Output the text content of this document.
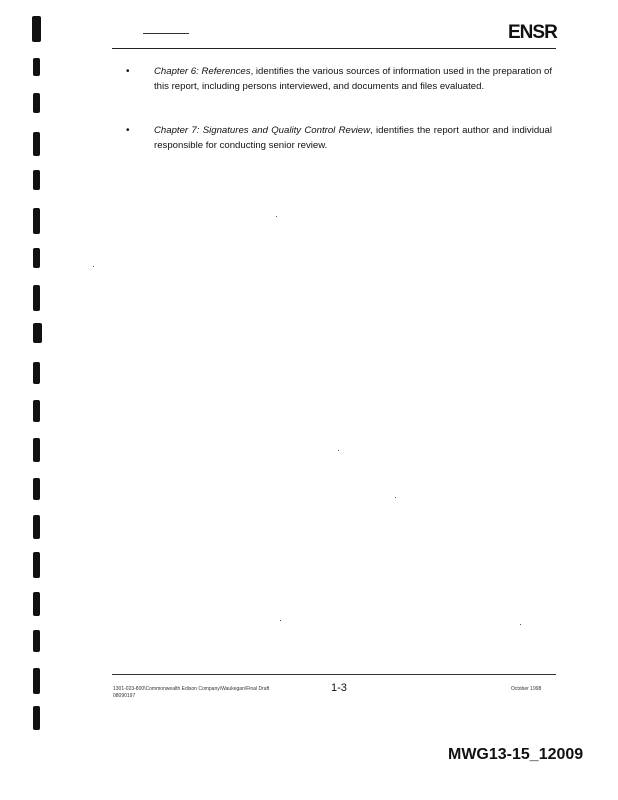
ENSR
•	Chapter 6: References, identifies the various sources of information used in the preparation of this report, including persons interviewed, and documents and files evaluated.
•	Chapter 7: Signatures and Quality Control Review, identifies the report author and individual responsible for conducting senior review.
1301-023-800\Commonwealth Edison Company\Waukegan\Final Draft
08090197
1-3	October 1998
MWG13-15_12009
